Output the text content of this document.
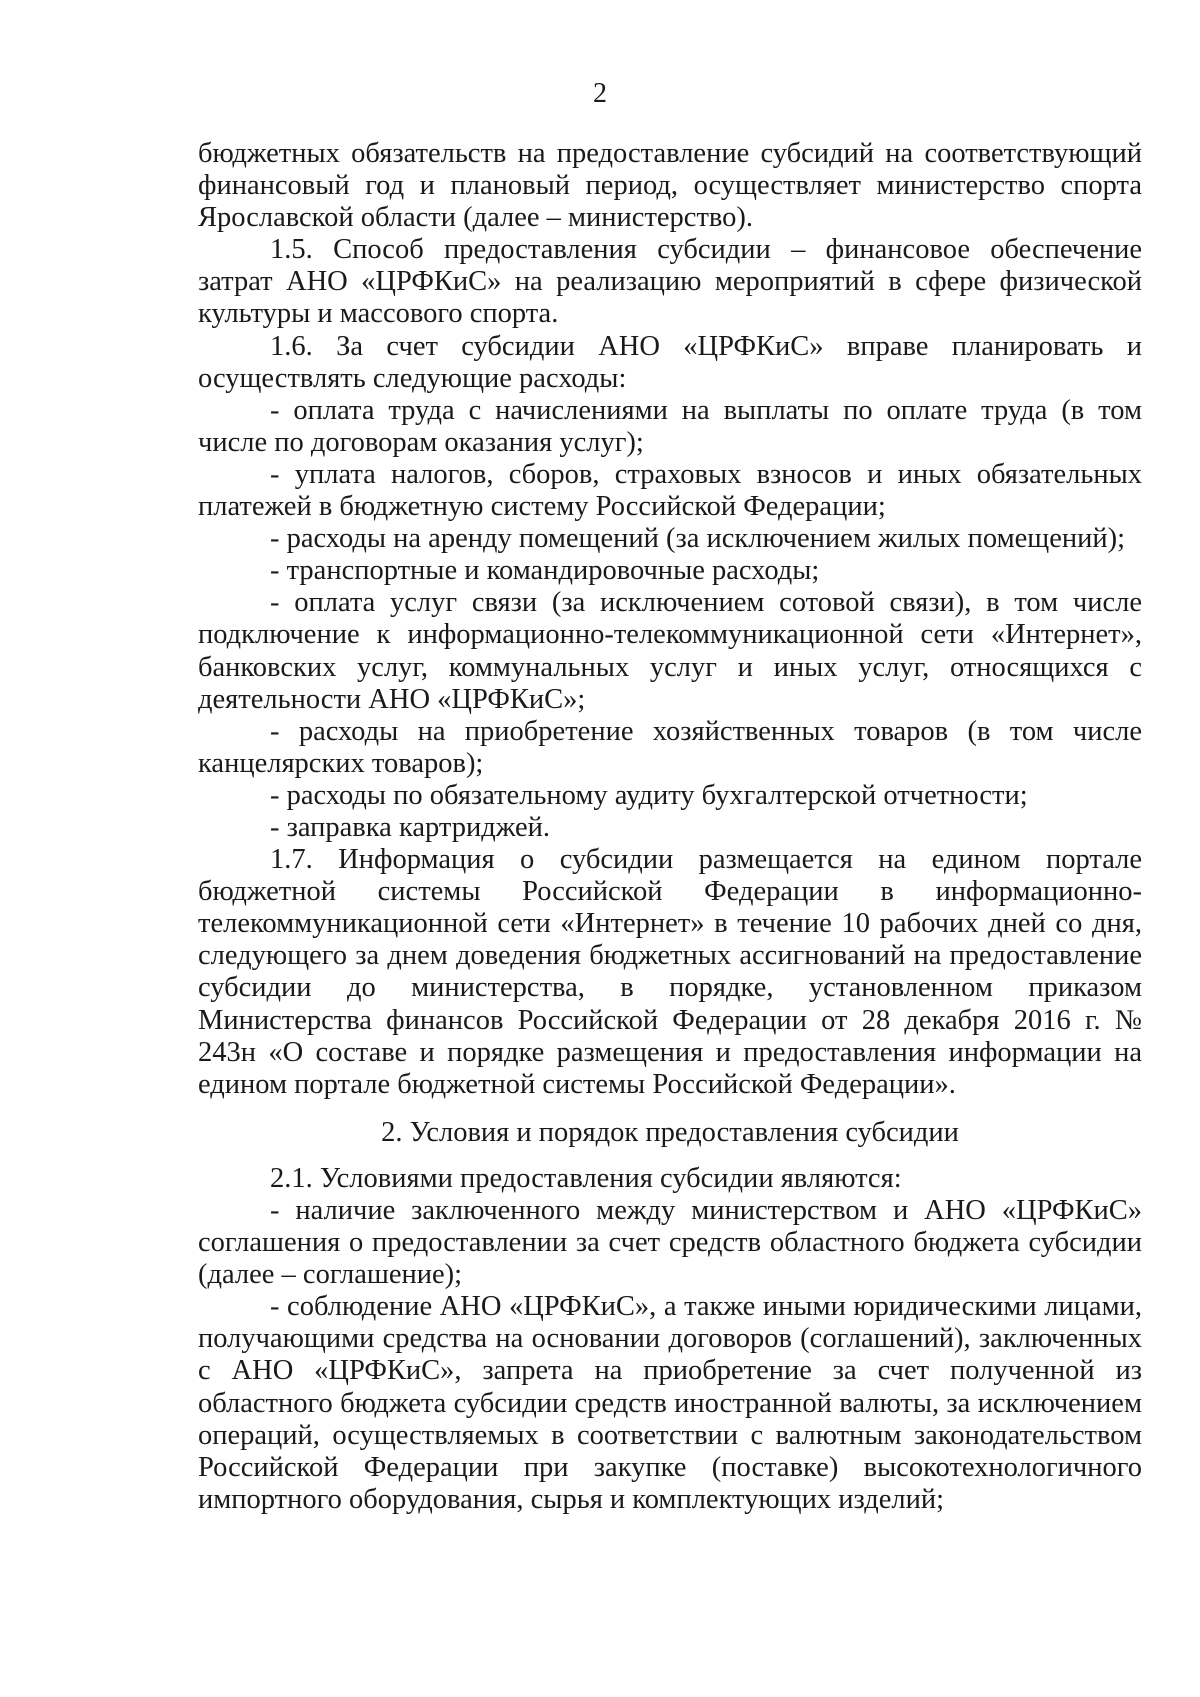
2

бюджетных обязательств на предоставление субсидий на соответствующий финансовый год и плановый период, осуществляет министерство спорта Ярославской области (далее – министерство).

1.5. Способ предоставления субсидии – финансовое обеспечение затрат АНО «ЦРФКиС» на реализацию мероприятий в сфере физической культуры и массового спорта.

1.6. За счет субсидии АНО «ЦРФКиС» вправе планировать и осуществлять следующие расходы:

- оплата труда с начислениями на выплаты по оплате труда (в том числе по договорам оказания услуг);

- уплата налогов, сборов, страховых взносов и иных обязательных платежей в бюджетную систему Российской Федерации;

- расходы на аренду помещений (за исключением жилых помещений);

- транспортные и командировочные расходы;

- оплата услуг связи (за исключением сотовой связи), в том числе подключение к информационно-телекоммуникационной сети «Интернет», банковских услуг, коммунальных услуг и иных услуг, относящихся с деятельности АНО «ЦРФКиС»;

- расходы на приобретение хозяйственных товаров (в том числе канцелярских товаров);

- расходы по обязательному аудиту бухгалтерской отчетности;

- заправка картриджей.

1.7. Информация о субсидии размещается на едином портале бюджетной системы Российской Федерации в информационно-телекоммуникационной сети «Интернет» в течение 10 рабочих дней со дня, следующего за днем доведения бюджетных ассигнований на предоставление субсидии до министерства, в порядке, установленном приказом Министерства финансов Российской Федерации от 28 декабря 2016 г. № 243н «О составе и порядке размещения и предоставления информации на едином портале бюджетной системы Российской Федерации».

2. Условия и порядок предоставления субсидии

2.1. Условиями предоставления субсидии являются:

- наличие заключенного между министерством и АНО «ЦРФКиС» соглашения о предоставлении за счет средств областного бюджета субсидии (далее – соглашение);

- соблюдение АНО «ЦРФКиС», а также иными юридическими лицами, получающими средства на основании договоров (соглашений), заключенных с АНО «ЦРФКиС», запрета на приобретение за счет полученной из областного бюджета субсидии средств иностранной валюты, за исключением операций, осуществляемых в соответствии с валютным законодательством Российской Федерации при закупке (поставке) высокотехнологичного импортного оборудования, сырья и комплектующих изделий;
